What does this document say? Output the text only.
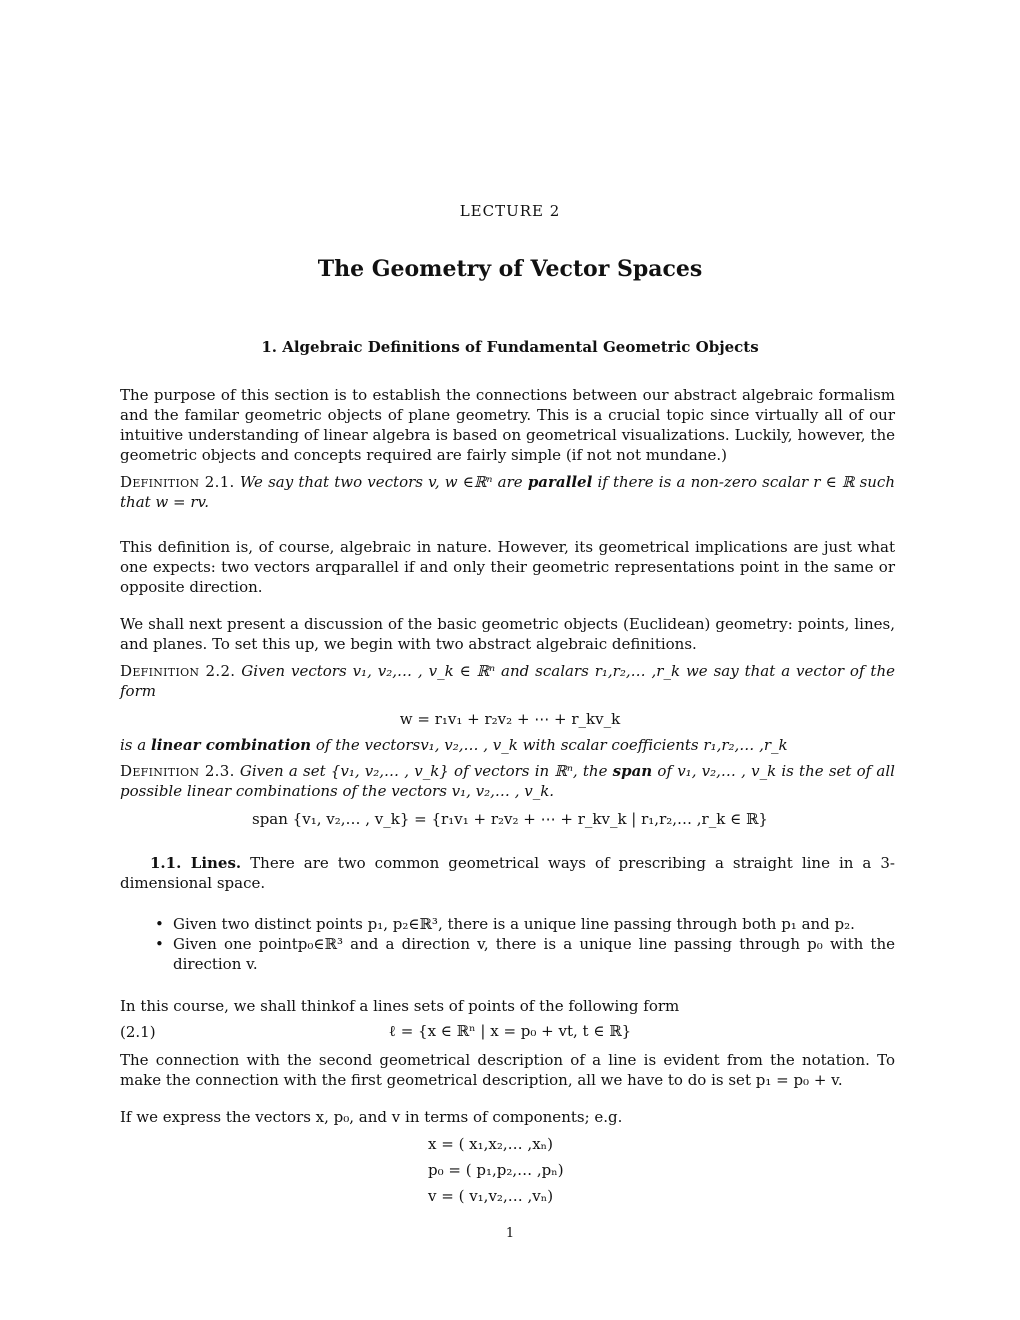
LECTURE 2
The Geometry of Vector Spaces
1. Algebraic Definitions of Fundamental Geometric Objects
The purpose of this section is to establish the connections between our abstract algebraic formalism and the familar geometric objects of plane geometry. This is a crucial topic since virtually all of our intuitive understanding of linear algebra is based on geometrical visualizations. Luckily, however, the geometric objects and concepts required are fairly simple (if not not mundane.)
Definition 2.1. We say that two vectors v, w ∈ℝⁿ are parallel if there is a non-zero scalar r ∈ ℝ such that w = rv.
This definition is, of course, algebraic in nature. However, its geometrical implications are just what one expects: two vectors arqparallel if and only their geometric representations point in the same or opposite direction.
We shall next present a discussion of the basic geometric objects (Euclidean) geometry: points, lines, and planes. To set this up, we begin with two abstract algebraic definitions.
Definition 2.2. Given vectors v₁, v₂,… , v_k ∈ ℝⁿ and scalars r₁,r₂,… ,r_k we say that a vector of the form
w = r₁v₁ + r₂v₂ + ⋯ + r_kv_k
is a linear combination of the vectorsv₁, v₂,… , v_k with scalar coefficients r₁,r₂,… ,r_k
Definition 2.3. Given a set {v₁, v₂,… , v_k} of vectors in ℝⁿ, the span of v₁, v₂,… , v_k is the set of all possible linear combinations of the vectors v₁, v₂,… , v_k.
span {v₁, v₂,… , v_k} = {r₁v₁ + r₂v₂ + ⋯ + r_kv_k | r₁,r₂,… ,r_k ∈ ℝ}
1.1. Lines. There are two common geometrical ways of prescribing a straight line in a 3-dimensional space.
• Given two distinct points p₁, p₂∈ℝ³, there is a unique line passing through both p₁ and p₂.
• Given one pointp₀∈ℝ³ and a direction v, there is a unique line passing through p₀ with the direction v.
In this course, we shall thinkof a lines sets of points of the following form
(2.1)	ℓ = {x ∈ ℝⁿ | x = p₀ + vt, t ∈ ℝ}
The connection with the second geometrical description of a line is evident from the notation. To make the connection with the first geometrical description, all we have to do is set p₁ = p₀ + v.
If we express the vectors x, p₀, and v in terms of components; e.g.
x = ( x₁,x₂,… ,xₙ)
p₀ = ( p₁,p₂,… ,pₙ)
v = ( v₁,v₂,… ,vₙ)
1
